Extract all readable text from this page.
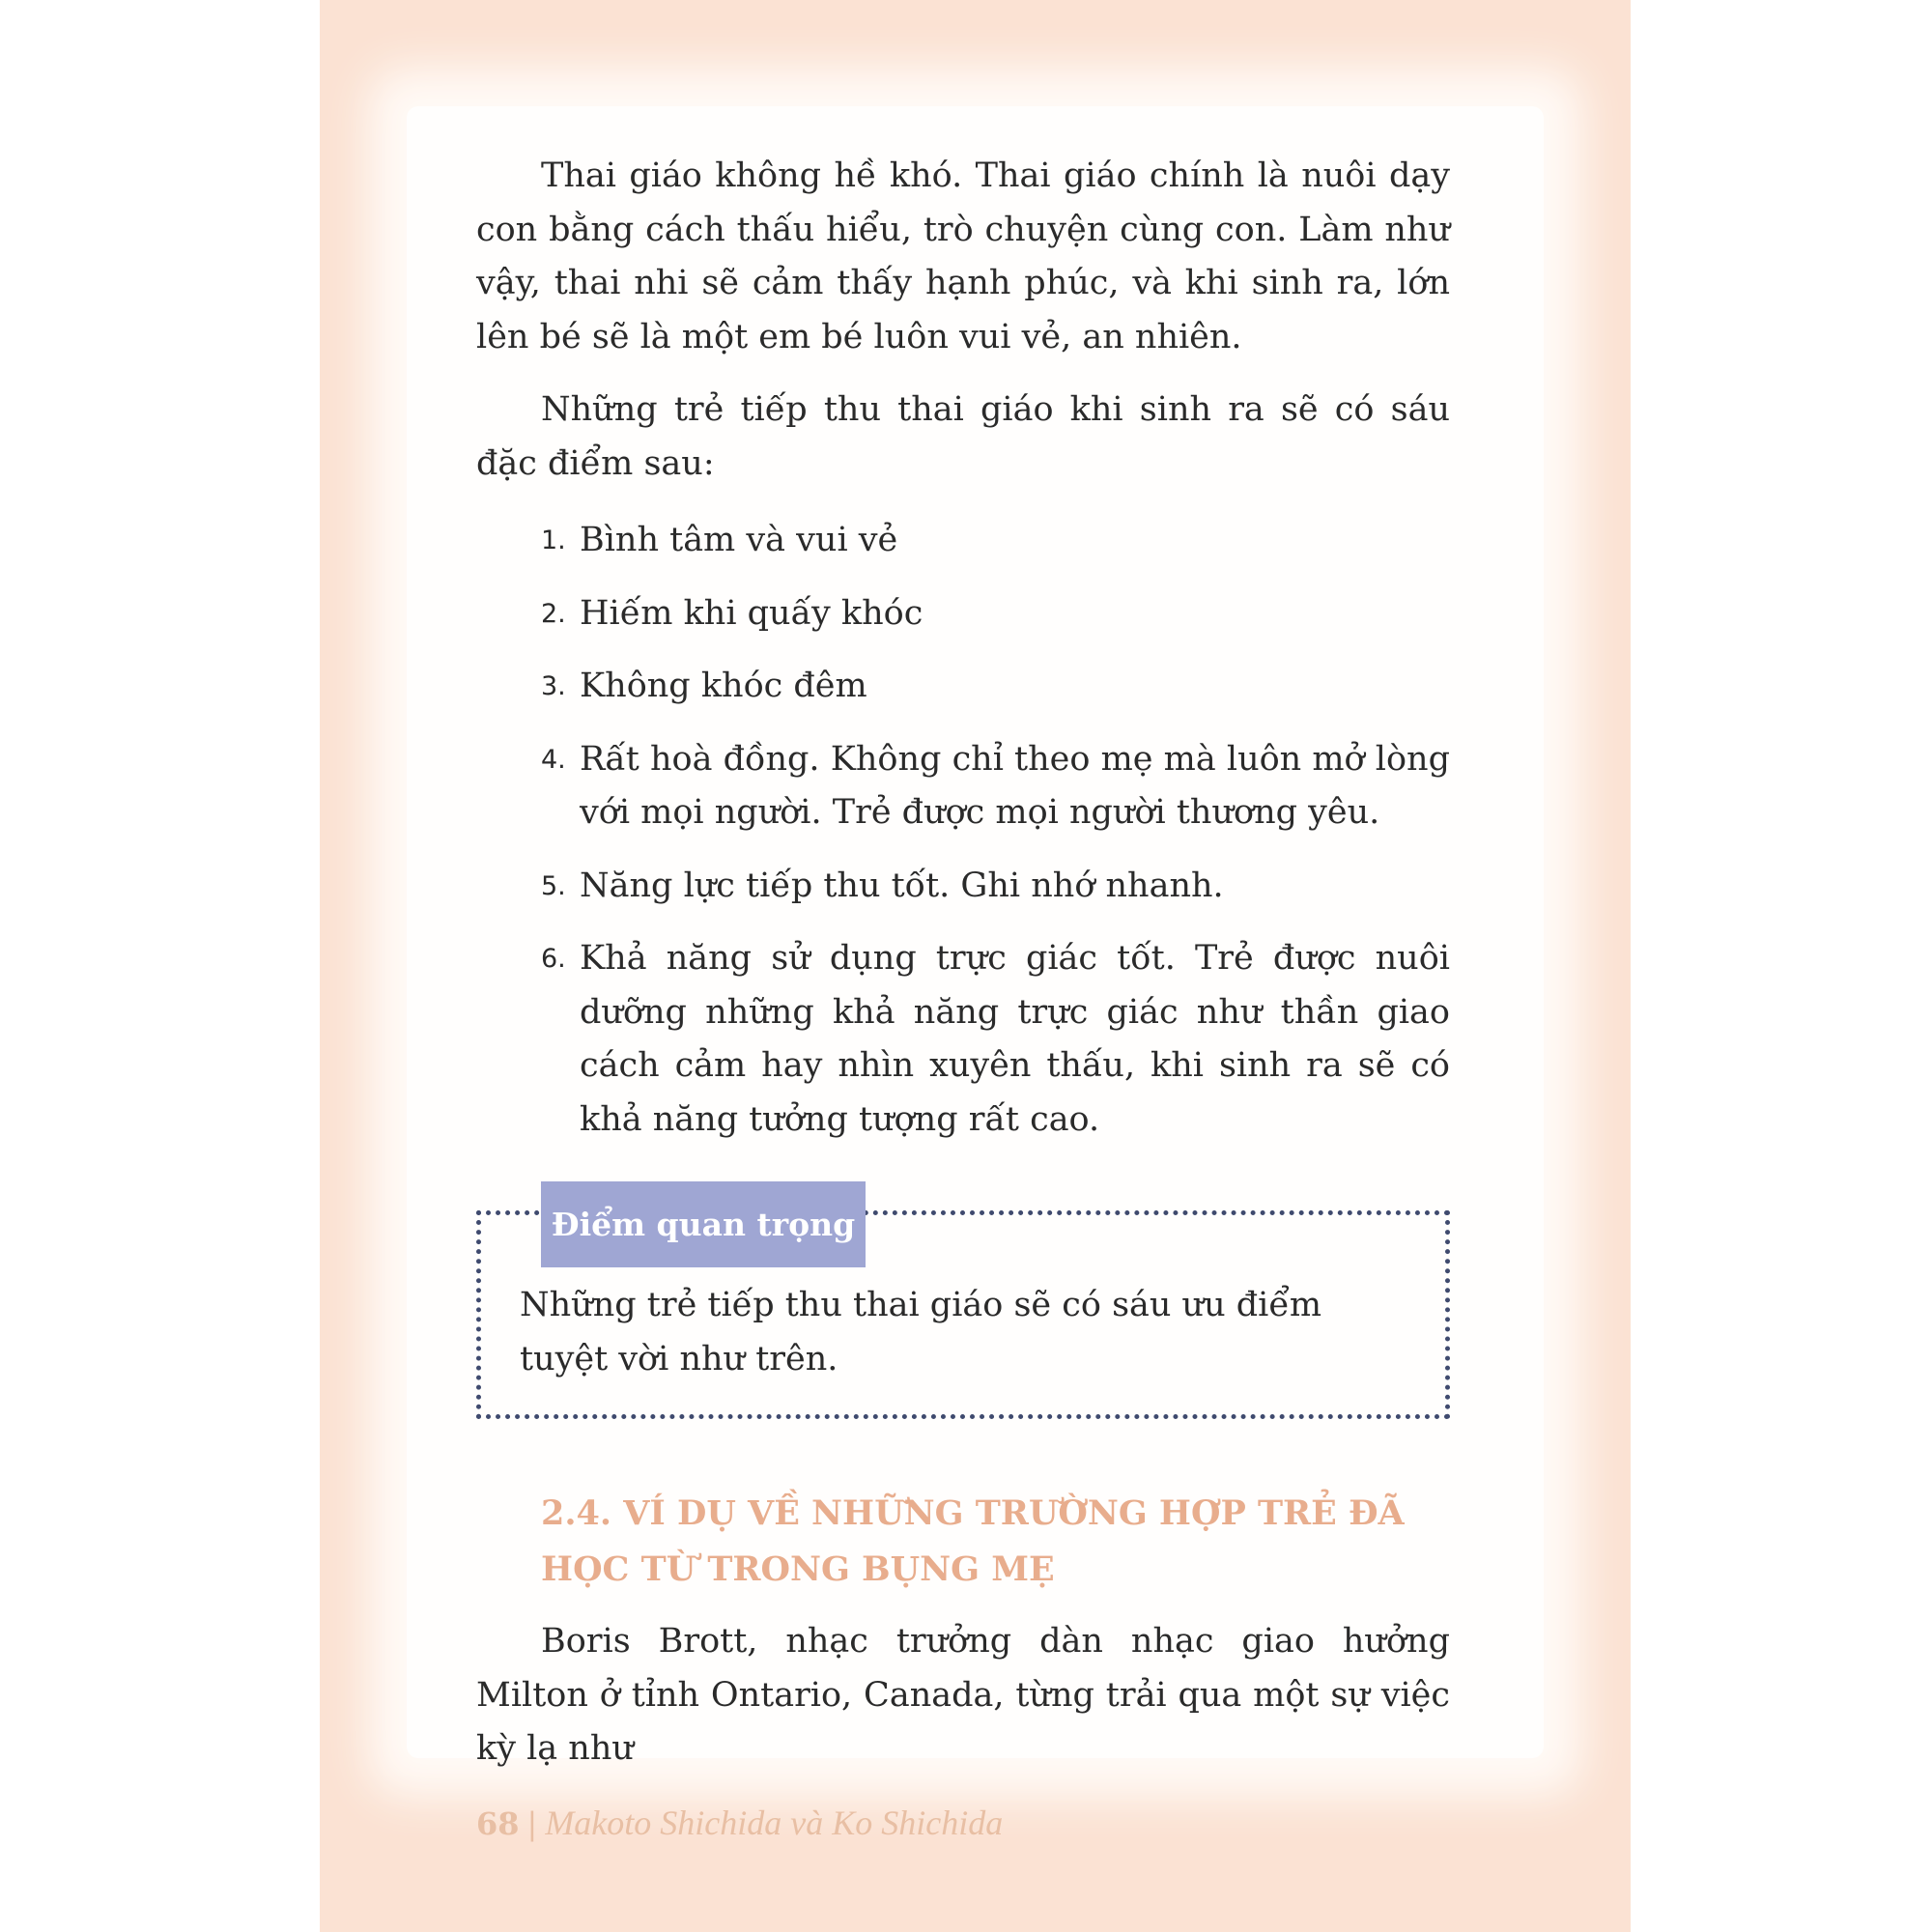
Thai giáo không hề khó. Thai giáo chính là nuôi dạy con bằng cách thấu hiểu, trò chuyện cùng con. Làm như vậy, thai nhi sẽ cảm thấy hạnh phúc, và khi sinh ra, lớn lên bé sẽ là một em bé luôn vui vẻ, an nhiên.

Những trẻ tiếp thu thai giáo khi sinh ra sẽ có sáu đặc điểm sau:

1. Bình tâm và vui vẻ
2. Hiếm khi quấy khóc
3. Không khóc đêm
4. Rất hoà đồng. Không chỉ theo mẹ mà luôn mở lòng với mọi người. Trẻ được mọi người thương yêu.
5. Năng lực tiếp thu tốt. Ghi nhớ nhanh.
6. Khả năng sử dụng trực giác tốt. Trẻ được nuôi dưỡng những khả năng trực giác như thần giao cách cảm hay nhìn xuyên thấu, khi sinh ra sẽ có khả năng tưởng tượng rất cao.
Điểm quan trọng

Những trẻ tiếp thu thai giáo sẽ có sáu ưu điểm tuyệt vời như trên.

2.4. VÍ DỤ VỀ NHỮNG TRƯỜNG HỢP TRẺ ĐÃ HỌC TỪ TRONG BỤNG MẸ

Boris Brott, nhạc trưởng dàn nhạc giao hưởng Milton ở tỉnh Ontario, Canada, từng trải qua một sự việc kỳ lạ như

68 | Makoto Shichida và Ko Shichida
